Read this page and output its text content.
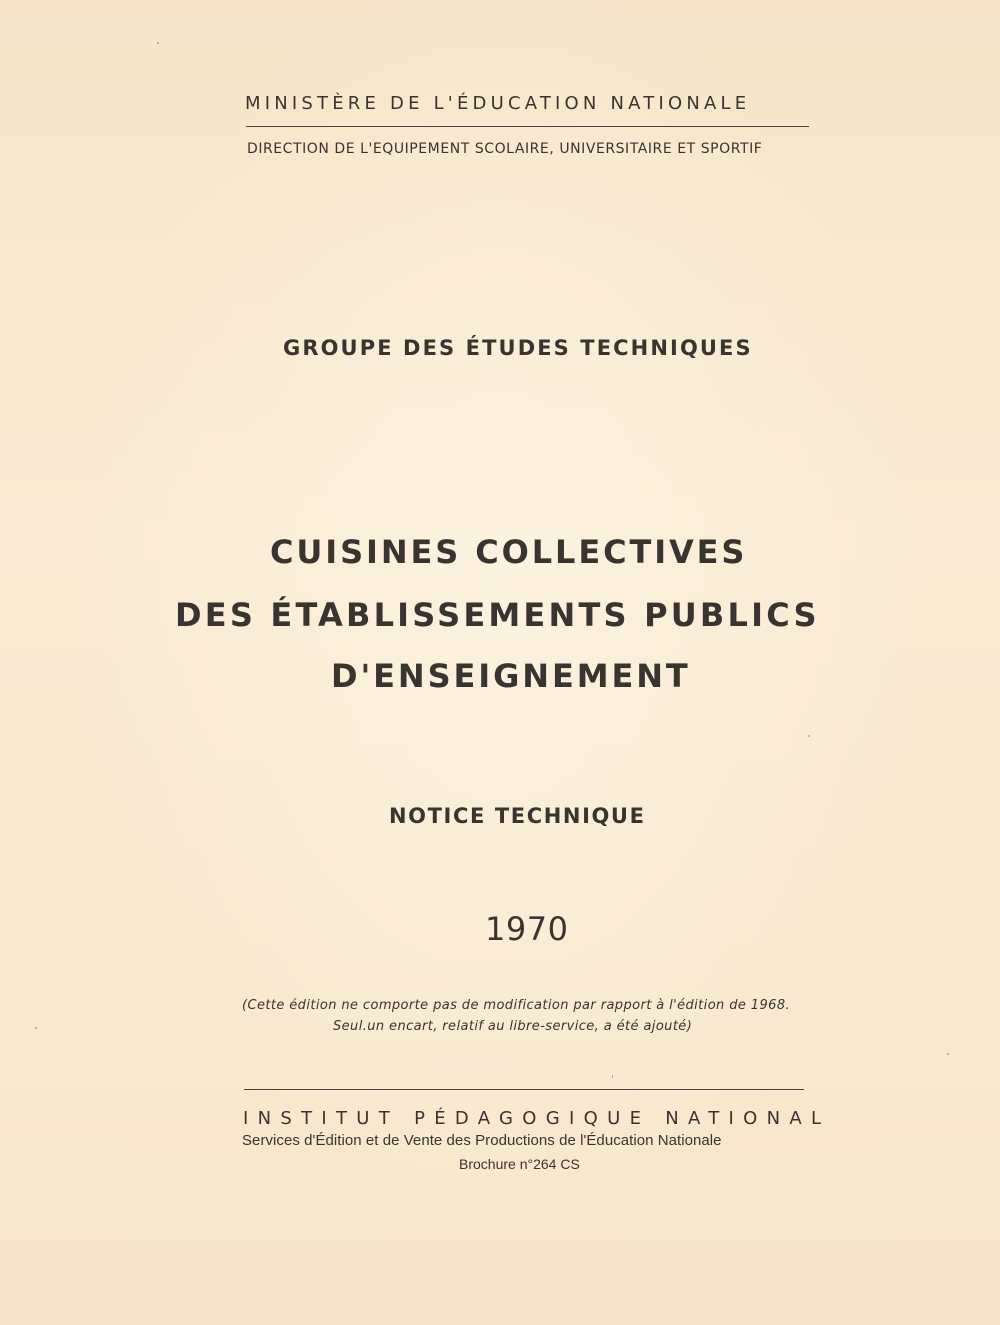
MINISTÈRE DE L'ÉDUCATION NATIONALE
DIRECTION DE L'EQUIPEMENT SCOLAIRE, UNIVERSITAIRE ET SPORTIF
GROUPE DES ÉTUDES TECHNIQUES
CUISINES COLLECTIVES
DES ÉTABLISSEMENTS PUBLICS
D'ENSEIGNEMENT
NOTICE TECHNIQUE
1970
(Cette édition ne comporte pas de modification par rapport à l'édition de 1968.
Seul.un encart, relatif au libre-service, a été ajouté)
INSTITUT PÉDAGOGIQUE NATIONAL
Services d'Édition et de Vente des Productions de l'Éducation Nationale
Brochure n°264 CS
